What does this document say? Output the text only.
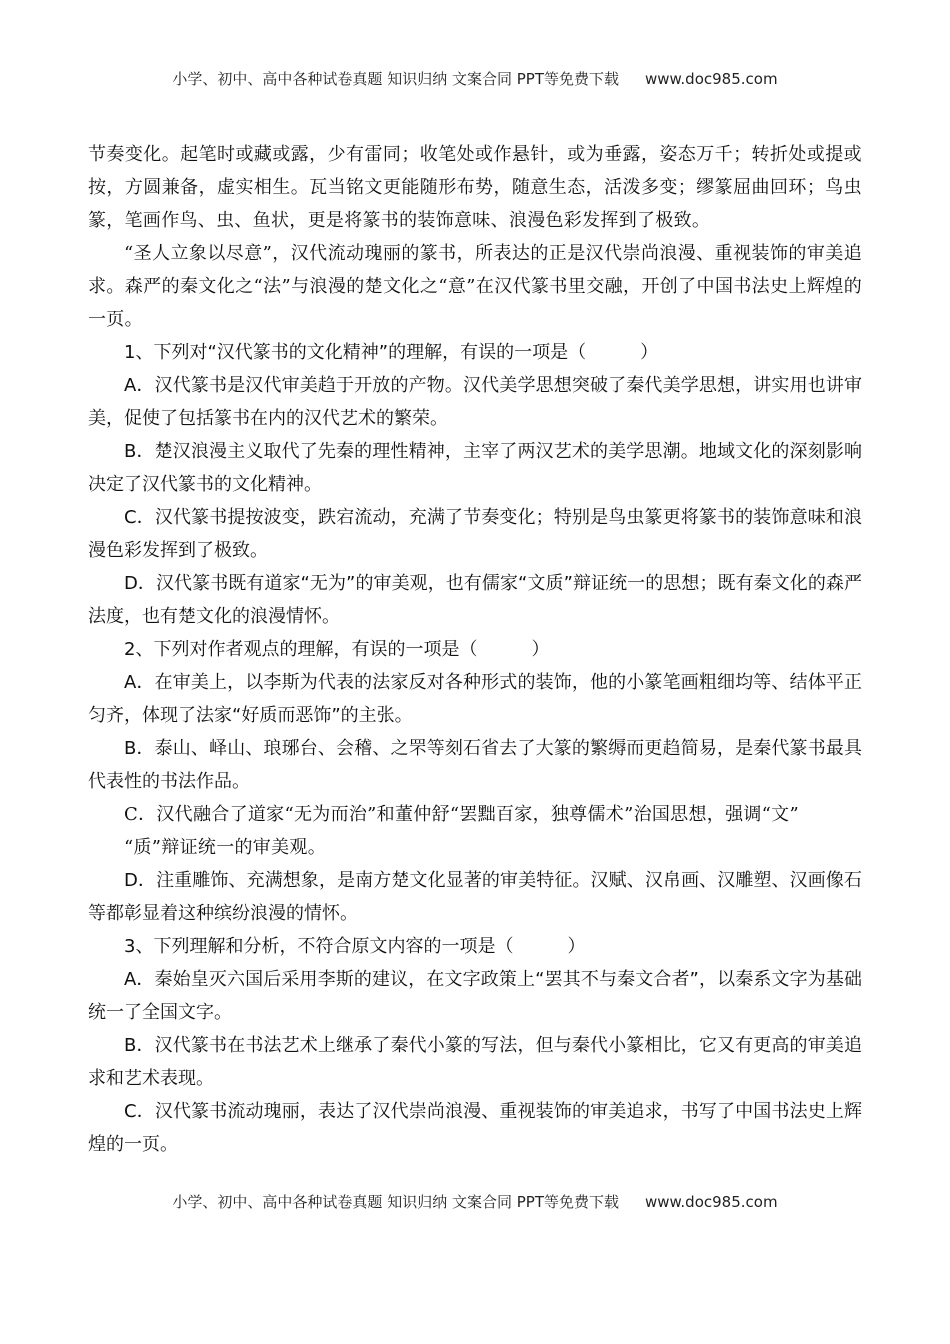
小学、初中、高中各种试卷真题 知识归纳 文案合同 PPT等免费下载 www.doc985.com

节奏变化。起笔时或藏或露，少有雷同；收笔处或作悬针，或为垂露，姿态万千；转折处或提或按，方圆兼备，虚实相生。瓦当铭文更能随形布势，随意生态，活泼多变；缪篆屈曲回环；鸟虫篆，笔画作鸟、虫、鱼状，更是将篆书的装饰意味、浪漫色彩发挥到了极致。

“圣人立象以尽意”，汉代流动瑰丽的篆书，所表达的正是汉代崇尚浪漫、重视装饰的审美追求。森严的秦文化之“法”与浪漫的楚文化之“意”在汉代篆书里交融，开创了中国书法史上辉煌的一页。

1、下列对“汉代篆书的文化精神”的理解，有误的一项是（　　　）

A．汉代篆书是汉代审美趋于开放的产物。汉代美学思想突破了秦代美学思想，讲实用也讲审美，促使了包括篆书在内的汉代艺术的繁荣。

B．楚汉浪漫主义取代了先秦的理性精神，主宰了两汉艺术的美学思潮。地域文化的深刻影响决定了汉代篆书的文化精神。

C．汉代篆书提按波变，跌宕流动，充满了节奏变化；特别是鸟虫篆更将篆书的装饰意味和浪漫色彩发挥到了极致。

D．汉代篆书既有道家“无为”的审美观，也有儒家“文质”辩证统一的思想；既有秦文化的森严法度，也有楚文化的浪漫情怀。

2、下列对作者观点的理解，有误的一项是（　　　）

A．在审美上，以李斯为代表的法家反对各种形式的装饰，他的小篆笔画粗细均等、结体平正匀齐，体现了法家“好质而恶饰”的主张。

B．泰山、峄山、琅琊台、会稽、之罘等刻石省去了大篆的繁缛而更趋简易，是秦代篆书最具代表性的书法作品。

C．汉代融合了道家“无为而治”和董仲舒“罢黜百家，独尊儒术”治国思想，强调“文”

“质”辩证统一的审美观。

D．注重雕饰、充满想象，是南方楚文化显著的审美特征。汉赋、汉帛画、汉雕塑、汉画像石等都彰显着这种缤纷浪漫的情怀。

3、下列理解和分析，不符合原文内容的一项是（　　　）

A．秦始皇灭六国后采用李斯的建议，在文字政策上“罢其不与秦文合者”，以秦系文字为基础统一了全国文字。

B．汉代篆书在书法艺术上继承了秦代小篆的写法，但与秦代小篆相比，它又有更高的审美追求和艺术表现。

C．汉代篆书流动瑰丽，表达了汉代崇尚浪漫、重视装饰的审美追求，书写了中国书法史上辉煌的一页。

小学、初中、高中各种试卷真题 知识归纳 文案合同 PPT等免费下载 www.doc985.com
